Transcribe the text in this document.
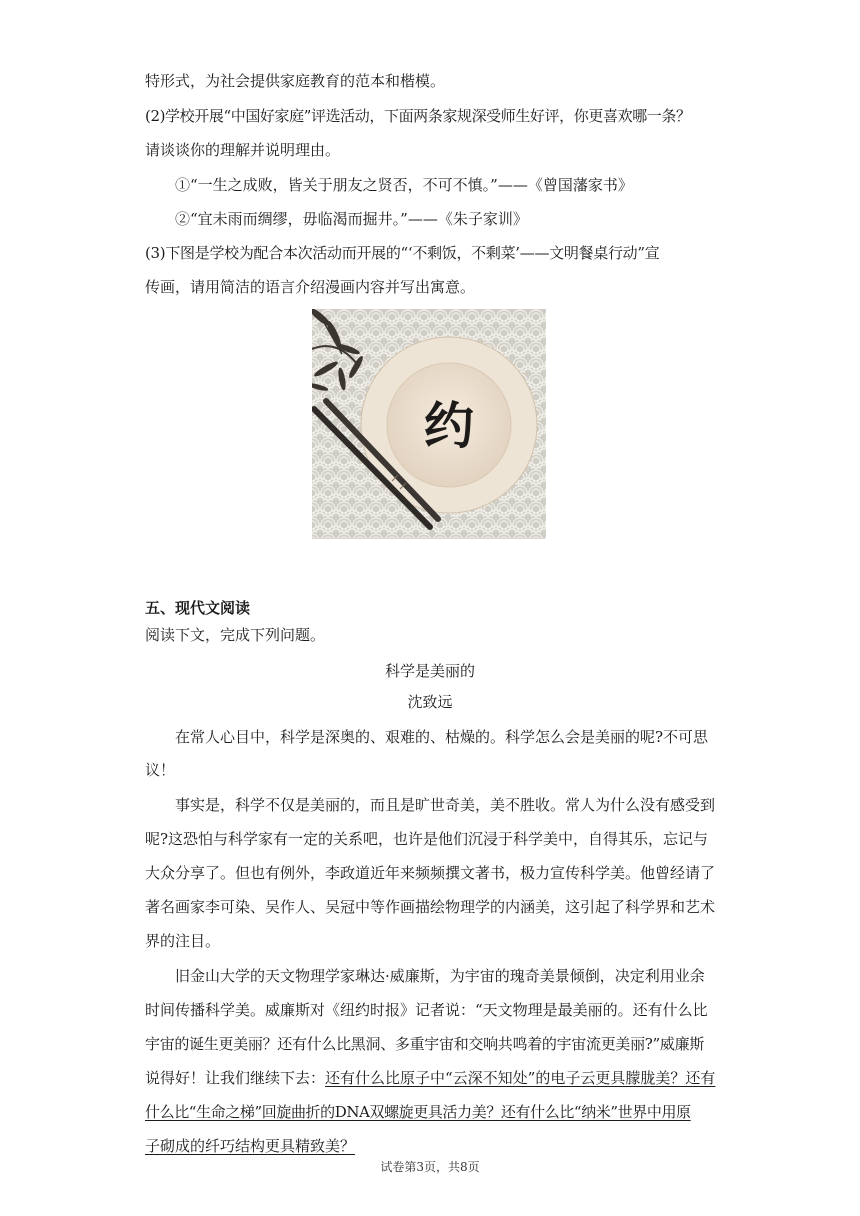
特形式，为社会提供家庭教育的范本和楷模。
(2)学校开展“中国好家庭”评选活动，下面两条家规深受师生好评，你更喜欢哪一条？
请谈谈你的理解并说明理由。
①“一生之成败，皆关于朋友之贤否，不可不慎。”——《曾国藩家书》
②“宜未雨而绸缪，毋临渴而掘井。”——《朱子家训》
(3)下图是学校为配合本次活动而开展的“‘不剩饭，不剩菜’——文明餐桌行动”宣
传画，请用简洁的语言介绍漫画内容并写出寓意。
约
五、现代文阅读
阅读下文，完成下列问题。
科学是美丽的
沈致远
在常人心目中，科学是深奥的、艰难的、枯燥的。科学怎么会是美丽的呢?不可思
议！
事实是，科学不仅是美丽的，而且是旷世奇美，美不胜收。常人为什么没有感受到
呢?这恐怕与科学家有一定的关系吧，也许是他们沉浸于科学美中，自得其乐，忘记与
大众分享了。但也有例外，李政道近年来频频撰文著书，极力宣传科学美。他曾经请了
著名画家李可染、吴作人、吴冠中等作画描绘物理学的内涵美，这引起了科学界和艺术
界的注目。
旧金山大学的天文物理学家琳达·威廉斯，为宇宙的瑰奇美景倾倒，决定利用业余
时间传播科学美。威廉斯对《纽约时报》记者说：“天文物理是最美丽的。还有什么比
宇宙的诞生更美丽？还有什么比黑洞、多重宇宙和交响共鸣着的宇宙流更美丽?”威廉斯
说得好！让我们继续下去：还有什么比原子中“云深不知处”的电子云更具朦胧美？还有
什么比“生命之梯”回旋曲折的DNA双螺旋更具活力美？还有什么比“纳米”世界中用原
子砌成的纤巧结构更具精致美？
试卷第3页，共8页
